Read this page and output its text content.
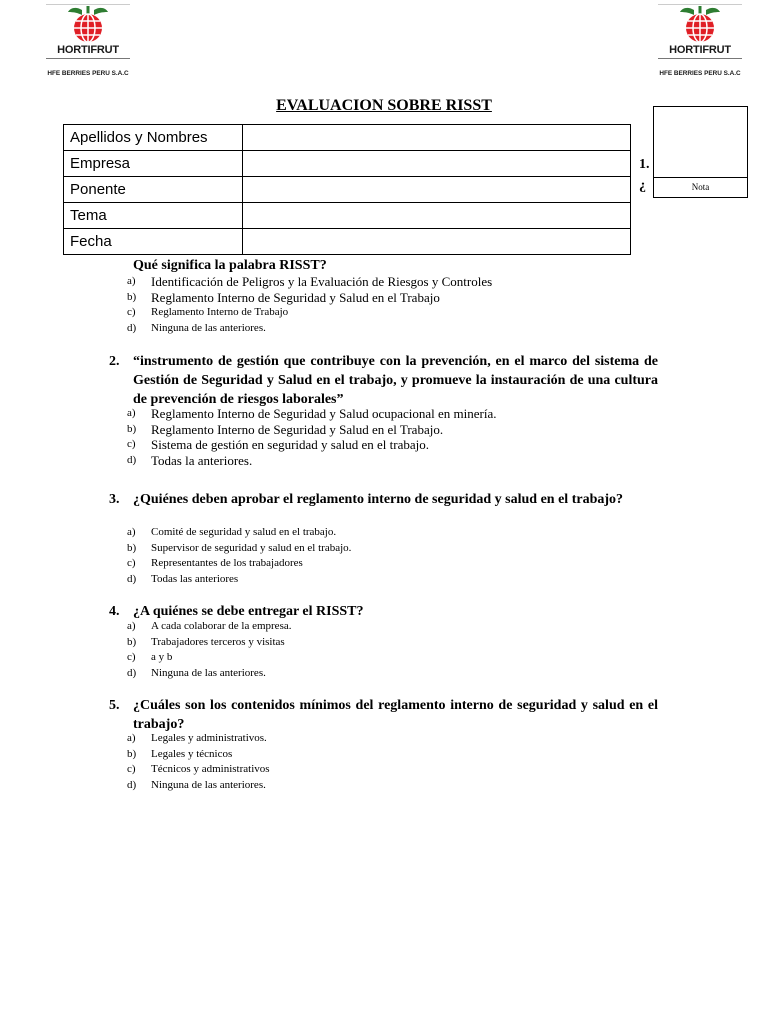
HORTIFRUT
HFE BERRIES PERU S.A.C
HORTIFRUT
HFE BERRIES PERU S.A.C
EVALUACION SOBRE RISST
Apellidos y Nombres	
Empresa	
Ponente	
Tema	
Fecha	
1.
¿	Nota
Qué significa la palabra RISST?
a)	Identificación de Peligros y la Evaluación de Riesgos y Controles
b)	Reglamento Interno de Seguridad y Salud en el Trabajo
c)	Reglamento Interno de Trabajo
d)	Ninguna de las anteriores.
2. “instrumento de gestión que contribuye con la prevención, en el marco del sistema de Gestión de Seguridad y Salud en el trabajo, y promueve la instauración de una cultura de prevención de riesgos laborales”
a)	Reglamento Interno de Seguridad y Salud ocupacional en minería.
b)	Reglamento Interno de Seguridad y Salud en el Trabajo.
c)	Sistema de gestión en seguridad y salud en el trabajo.
d)	Todas la anteriores.
3. ¿Quiénes deben aprobar el reglamento interno de seguridad y salud en el trabajo?
a)	Comité de seguridad y salud en el trabajo.
b)	Supervisor de seguridad y salud en el trabajo.
c)	Representantes de los trabajadores
d)	Todas las anteriores
4. ¿A quiénes se debe entregar el RISST?
a)	A cada colaborar de la empresa.
b)	Trabajadores terceros y visitas
c)	a y b
d)	Ninguna de las anteriores.
5. ¿Cuáles son los contenidos mínimos del reglamento interno de seguridad y salud en el trabajo?
a)	Legales y administrativos.
b)	Legales y técnicos
c)	Técnicos y administrativos
d)	Ninguna de las anteriores.
